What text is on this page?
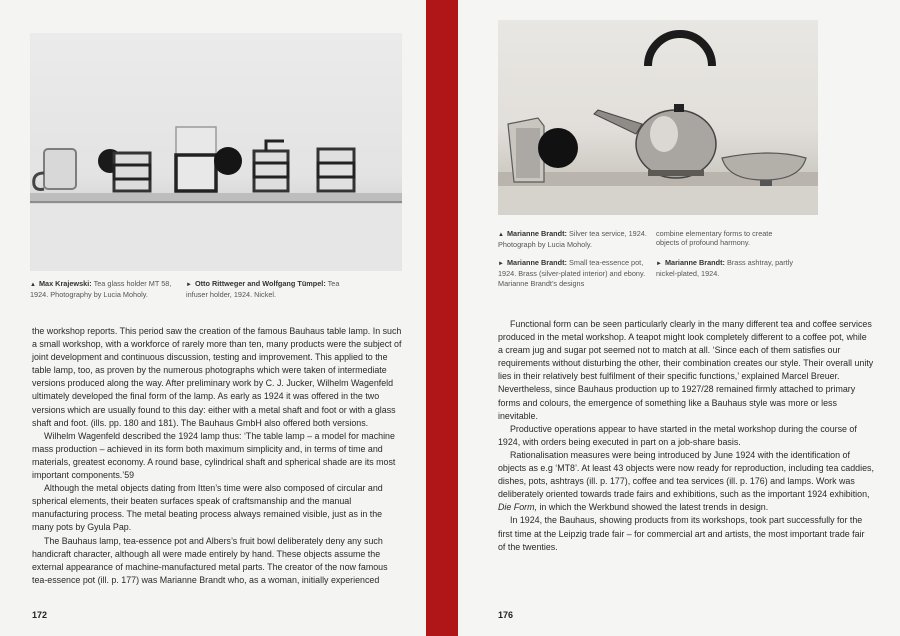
▲ Max Krajewski: Tea glass holder MT 58, 1924. Photography by Lucia Moholy.
► Otto Rittweger and Wolfgang Tümpel: Tea infuser holder, 1924. Nickel.

the workshop reports. This period saw the creation of the famous Bauhaus table lamp. In such a small workshop, with a workforce of rarely more than ten, many products were the subject of joint development and continuous discussion, testing and improvement. This applied to the table lamp, too, as proven by the numerous photographs which were taken of intermediate versions produced along the way. After preliminary work by C. J. Jucker, Wilhelm Wagenfeld ultimately developed the final form of the lamp. As early as 1924 it was offered in the two versions which are usually found to this day: either with a metal shaft and foot or with a glass shaft and foot. (ills. pp. 180 and 181). The Bauhaus GmbH also offered both versions.

Wilhelm Wagenfeld described the 1924 lamp thus: ‘The table lamp – a model for machine mass production – achieved in its form both maximum simplicity and, in terms of time and materials, greatest economy. A round base, cylindrical shaft and spherical shade are its most important components.’59

Although the metal objects dating from Itten’s time were also composed of circular and spherical elements, their beaten surfaces speak of craftsmanship and the manual manufacturing process. The metal beating process always remained visible, just as in the many pots by Gyula Pap.

The Bauhaus lamp, tea-essence pot and Albers’s fruit bowl deliberately deny any such handicraft character, although all were made entirely by hand. These objects assume the external appearance of machine-manufactured metal parts. The creator of the now famous tea-essence pot (ill. p. 177) was Marianne Brandt who, as a woman, initially experienced

172
▲ Marianne Brandt: Silver tea service, 1924. Photograph by Lucia Moholy.
► Marianne Brandt: Small tea-essence pot, 1924. Brass (silver-plated interior) and ebony. Marianne Brandt’s designs
combine elementary forms to create objects of profound harmony.
► Marianne Brandt: Brass ashtray, partly nickel-plated, 1924.

Functional form can be seen particularly clearly in the many different tea and coffee services produced in the metal workshop. A teapot might look completely different to a coffee pot, while a cream jug and sugar pot seemed not to match at all. ‘Since each of them satisfies our requirements without disturbing the other, their combination creates our style. Their overall unity lies in their relatively best fulfilment of their specific functions,’ explained Marcel Breuer. Nevertheless, since Bauhaus production up to 1927/28 remained firmly attached to primary forms and colours, the emergence of something like a Bauhaus style was more or less inevitable.

Productive operations appear to have started in the metal workshop during the course of 1924, with orders being executed in part on a job-share basis.

Rationalisation measures were being introduced by June 1924 with the identification of objects as e.g ‘MT8’. At least 43 objects were now ready for reproduction, including tea caddies, dishes, pots, ashtrays (ill. p. 177), coffee and tea services (ill. p. 176) and lamps. Work was deliberately oriented towards trade fairs and exhibitions, such as the important 1924 exhibition, Die Form, in which the Werkbund showed the latest trends in design.

In 1924, the Bauhaus, showing products from its workshops, took part successfully for the first time at the Leipzig trade fair – for commercial art and artists, the most important trade fair of the twenties.

176
